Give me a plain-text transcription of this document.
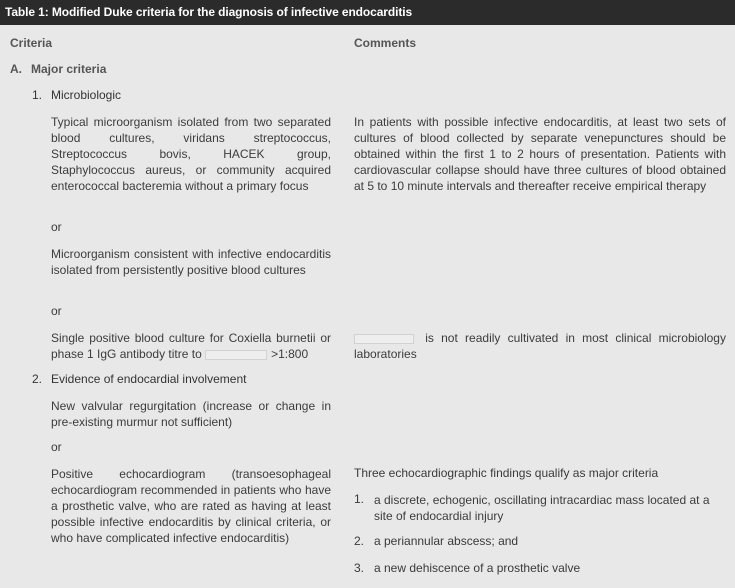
Table 1: Modified Duke criteria for the diagnosis of infective endocarditis
Criteria	Comments
A. Major criteria
1. Microbiologic
Typical microorganism isolated from two separated blood cultures, viridans streptococcus, Streptococcus bovis, HACEK group, Staphylococcus aureus, or community acquired enterococcal bacteremia without a primary focus
In patients with possible infective endocarditis, at least two sets of cultures of blood collected by separate venepunctures should be obtained within the first 1 to 2 hours of presentation. Patients with cardiovascular collapse should have three cultures of blood obtained at 5 to 10 minute intervals and thereafter receive empirical therapy
or
Microorganism consistent with infective endocarditis isolated from persistently positive blood cultures
or
Single positive blood culture for Coxiella burnetii or phase 1 IgG antibody titre to	>1:800
is not readily cultivated in most clinical microbiology laboratories
2. Evidence of endocardial involvement
New valvular regurgitation (increase or change in pre-existing murmur not sufficient)
or
Positive echocardiogram (transoesophageal echocardiogram recommended in patients who have a prosthetic valve, who are rated as having at least possible infective endocarditis by clinical criteria, or who have complicated infective endocarditis)
Three echocardiographic findings qualify as major criteria
1. a discrete, echogenic, oscillating intracardiac mass located at a site of endocardial injury
2. a periannular abscess; and
3. a new dehiscence of a prosthetic valve
